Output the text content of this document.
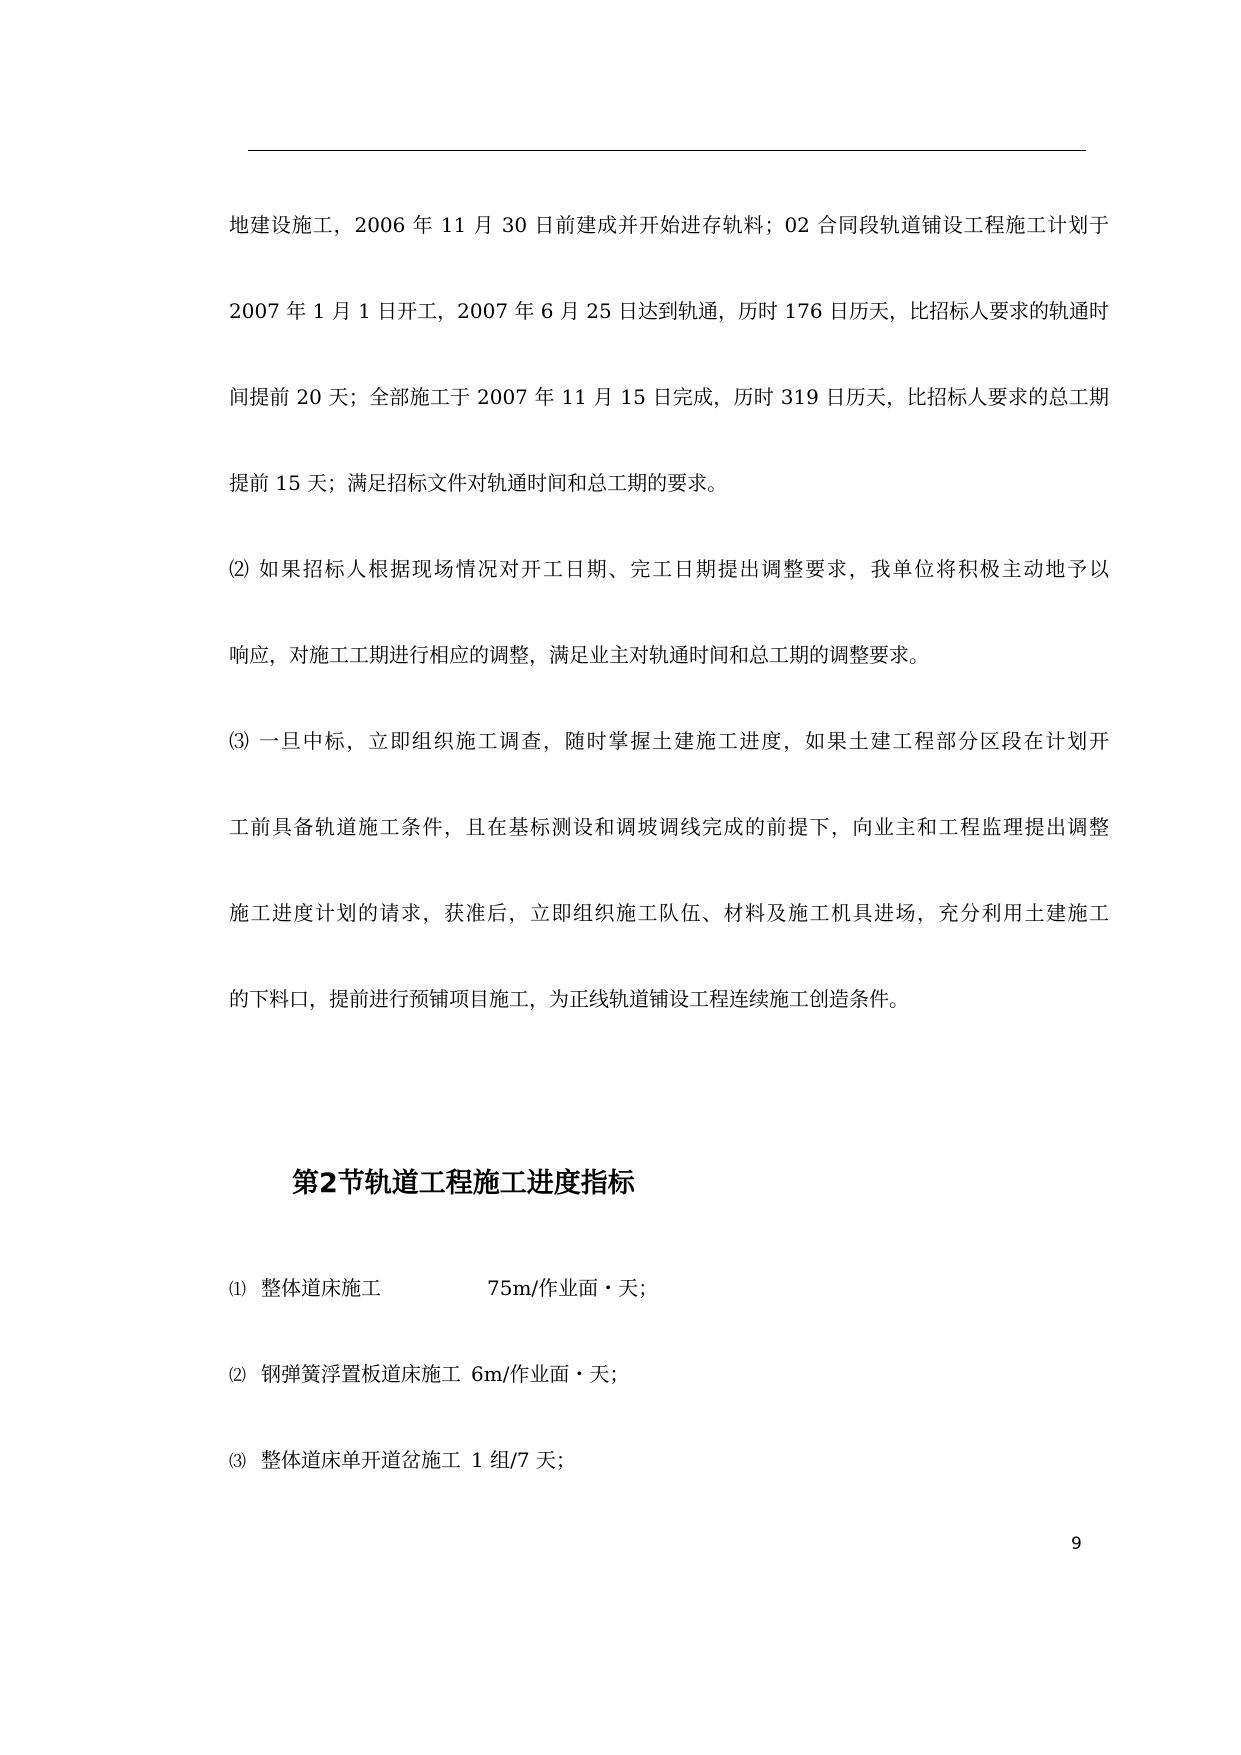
地建设施工，2006 年 11 月 30 日前建成并开始进存轨料；02 合同段轨道铺设工程施工计划于
2007 年 1 月 1 日开工，2007 年 6 月 25 日达到轨通，历时 176 日历天，比招标人要求的轨通时
间提前 20 天；全部施工于 2007 年 11 月 15 日完成，历时 319 日历天，比招标人要求的总工期
提前 15 天；满足招标文件对轨通时间和总工期的要求。
⑵ 如果招标人根据现场情况对开工日期、完工日期提出调整要求，我单位将积极主动地予以
响应，对施工工期进行相应的调整，满足业主对轨通时间和总工期的调整要求。
⑶ 一旦中标，立即组织施工调查，随时掌握土建施工进度，如果土建工程部分区段在计划开
工前具备轨道施工条件，且在基标测设和调坡调线完成的前提下，向业主和工程监理提出调整
施工进度计划的请求，获准后，立即组织施工队伍、材料及施工机具进场，充分利用土建施工
的下料口，提前进行预铺项目施工，为正线轨道铺设工程连续施工创造条件。
第2节轨道工程施工进度指标
⑴ 整体道床施工	75m/作业面・天；
⑵ 钢弹簧浮置板道床施工 6m/作业面・天；
⑶ 整体道床单开道岔施工 1 组/7 天；
9
